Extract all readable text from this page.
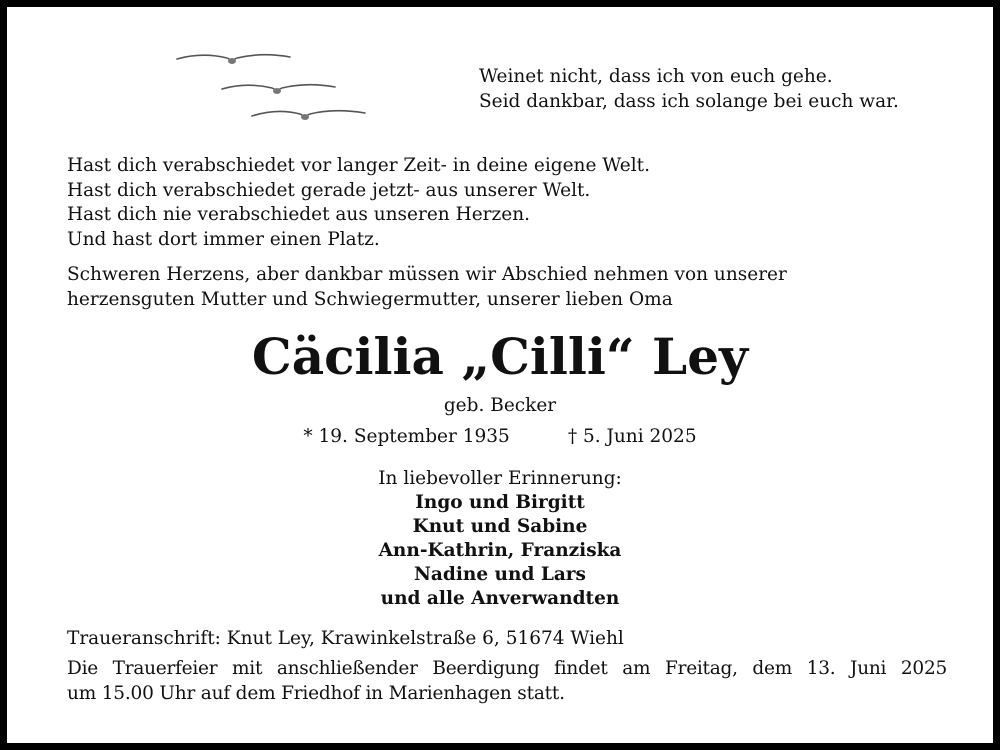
Weinet nicht, dass ich von euch gehe.
Seid dankbar, dass ich solange bei euch war.
Hast dich verabschiedet vor langer Zeit- in deine eigene Welt.
Hast dich verabschiedet gerade jetzt- aus unserer Welt.
Hast dich nie verabschiedet aus unseren Herzen.
Und hast dort immer einen Platz.
Schweren Herzens, aber dankbar müssen wir Abschied nehmen von unserer
herzensguten Mutter und Schwiegermutter, unserer lieben Oma
Cäcilia „Cilli“ Ley
geb. Becker
* 19. September 1935	† 5. Juni 2025
In liebevoller Erinnerung:
Ingo und Birgitt
Knut und Sabine
Ann-Kathrin, Franziska
Nadine und Lars
und alle Anverwandten
Traueranschrift: Knut Ley, Krawinkelstraße 6, 51674 Wiehl
Die Trauerfeier mit anschließender Beerdigung findet am Freitag, dem 13. Juni 2025
um 15.00 Uhr auf dem Friedhof in Marienhagen statt.
